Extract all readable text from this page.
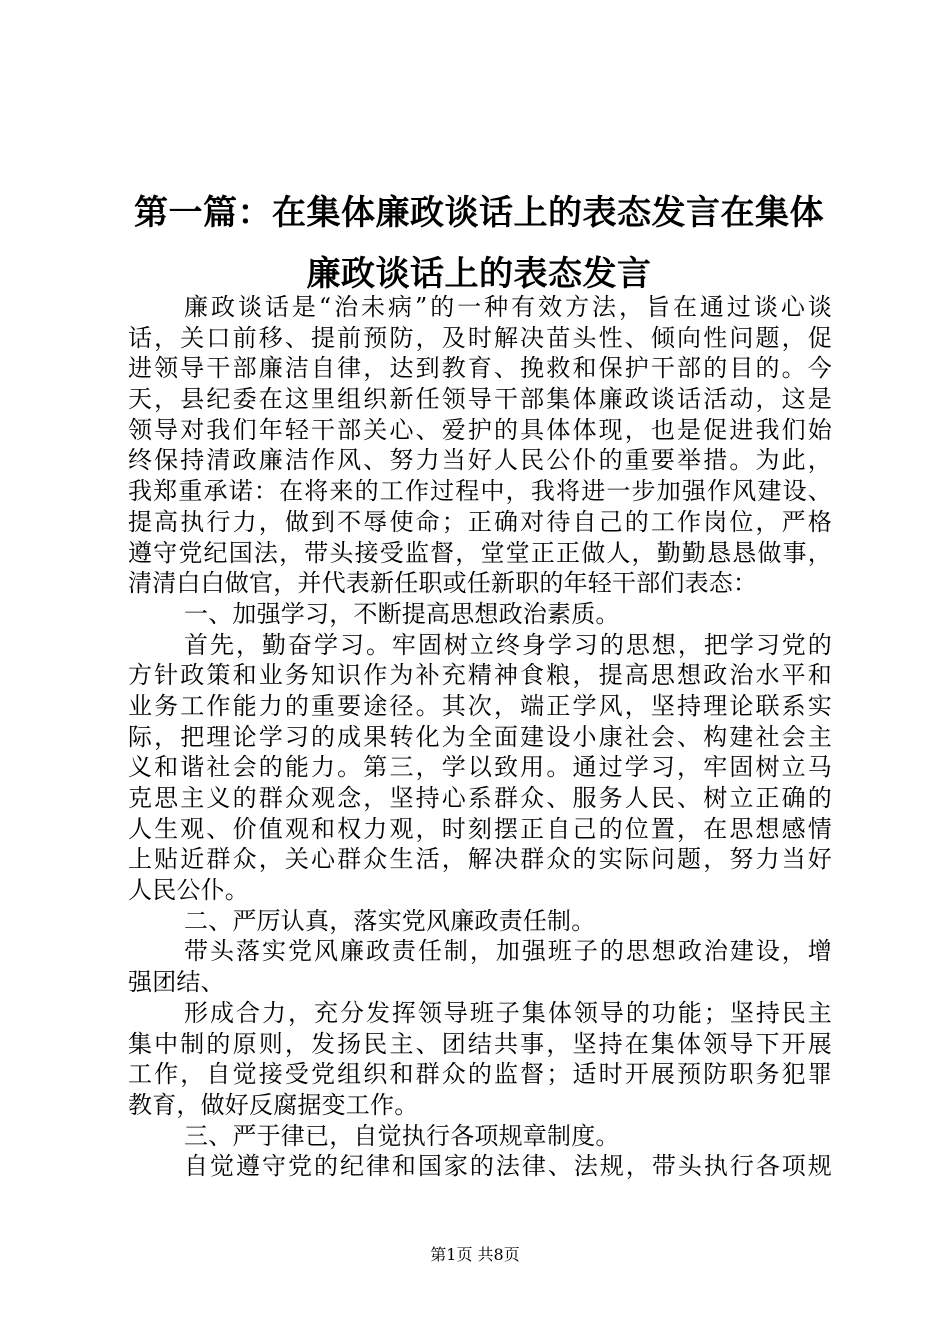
第一篇：在集体廉政谈话上的表态发言在集体
廉政谈话上的表态发言
廉政谈话是“治未病”的一种有效方法，旨在通过谈心谈
话，关口前移、提前预防，及时解决苗头性、倾向性问题，促
进领导干部廉洁自律，达到教育、挽救和保护干部的目的。今
天，县纪委在这里组织新任领导干部集体廉政谈话活动，这是
领导对我们年轻干部关心、爱护的具体体现，也是促进我们始
终保持清政廉洁作风、努力当好人民公仆的重要举措。为此，
我郑重承诺：在将来的工作过程中，我将进一步加强作风建设、
提高执行力，做到不辱使命；正确对待自己的工作岗位，严格
遵守党纪国法，带头接受监督，堂堂正正做人，勤勤恳恳做事，
清清白白做官，并代表新任职或任新职的年轻干部们表态：
一、加强学习，不断提高思想政治素质。
首先，勤奋学习。牢固树立终身学习的思想，把学习党的
方针政策和业务知识作为补充精神食粮，提高思想政治水平和
业务工作能力的重要途径。其次，端正学风，坚持理论联系实
际，把理论学习的成果转化为全面建设小康社会、构建社会主
义和谐社会的能力。第三，学以致用。通过学习，牢固树立马
克思主义的群众观念，坚持心系群众、服务人民、树立正确的
人生观、价值观和权力观，时刻摆正自己的位置，在思想感情
上贴近群众，关心群众生活，解决群众的实际问题，努力当好
人民公仆。
二、严厉认真，落实党风廉政责任制。
带头落实党风廉政责任制，加强班子的思想政治建设，增
强团结、
形成合力，充分发挥领导班子集体领导的功能；坚持民主
集中制的原则，发扬民主、团结共事，坚持在集体领导下开展
工作，自觉接受党组织和群众的监督；适时开展预防职务犯罪
教育，做好反腐据变工作。
三、严于律已，自觉执行各项规章制度。
自觉遵守党的纪律和国家的法律、法规，带头执行各项规
第1页 共8页
